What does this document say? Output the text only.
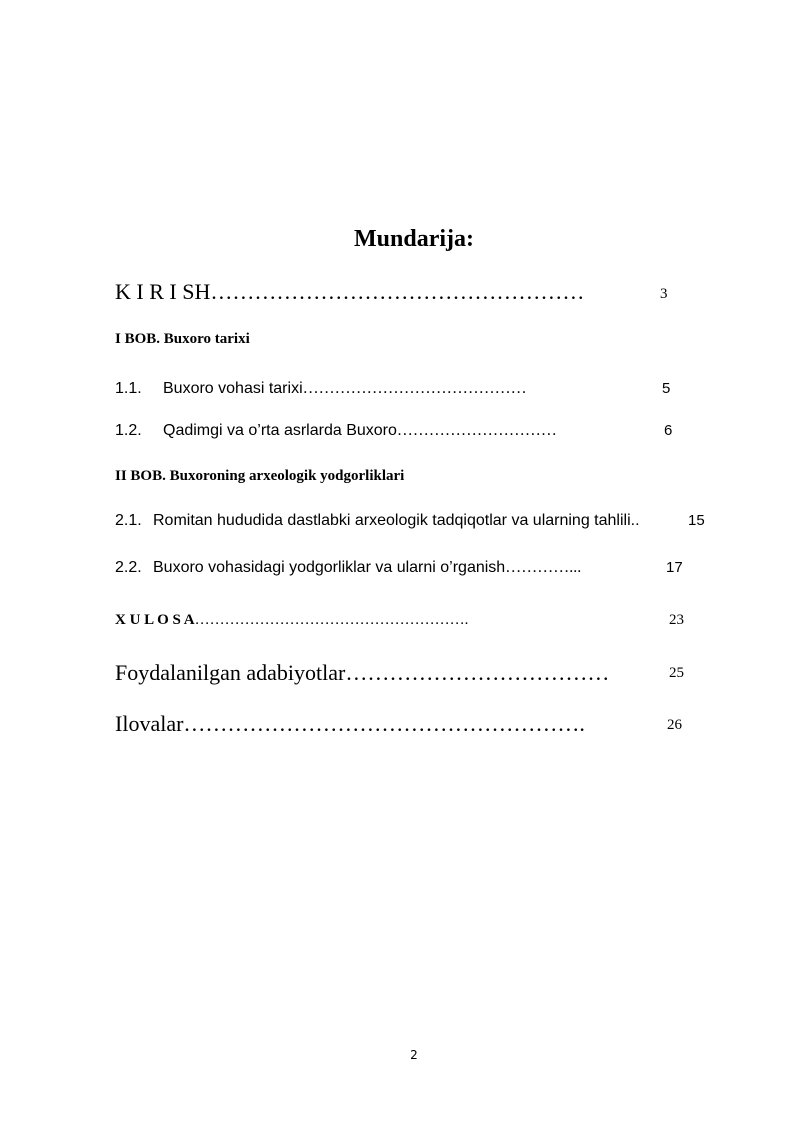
Mundarija:
K I R I SH……………………………………………	3
I BOB. Buxoro tarixi
1.1. Buxoro vohasi tarixi……………………………………	5
1.2. Qadimgi va o’rta asrlarda Buxoro…………………………	6
II BOB. Buxoroning arxeologik yodgorliklari
2.1. Romitan hududida dastlabki arxeologik tadqiqotlar va ularning tahlili..	15
2.2. Buxoro vohasidagi yodgorliklar va ularni o’rganish…………...	17
X U L O S A……………………………………………….	23
Foydalanilgan adabiyotlar………………………………	25
Ilovalar……………………………………………….	26
2
